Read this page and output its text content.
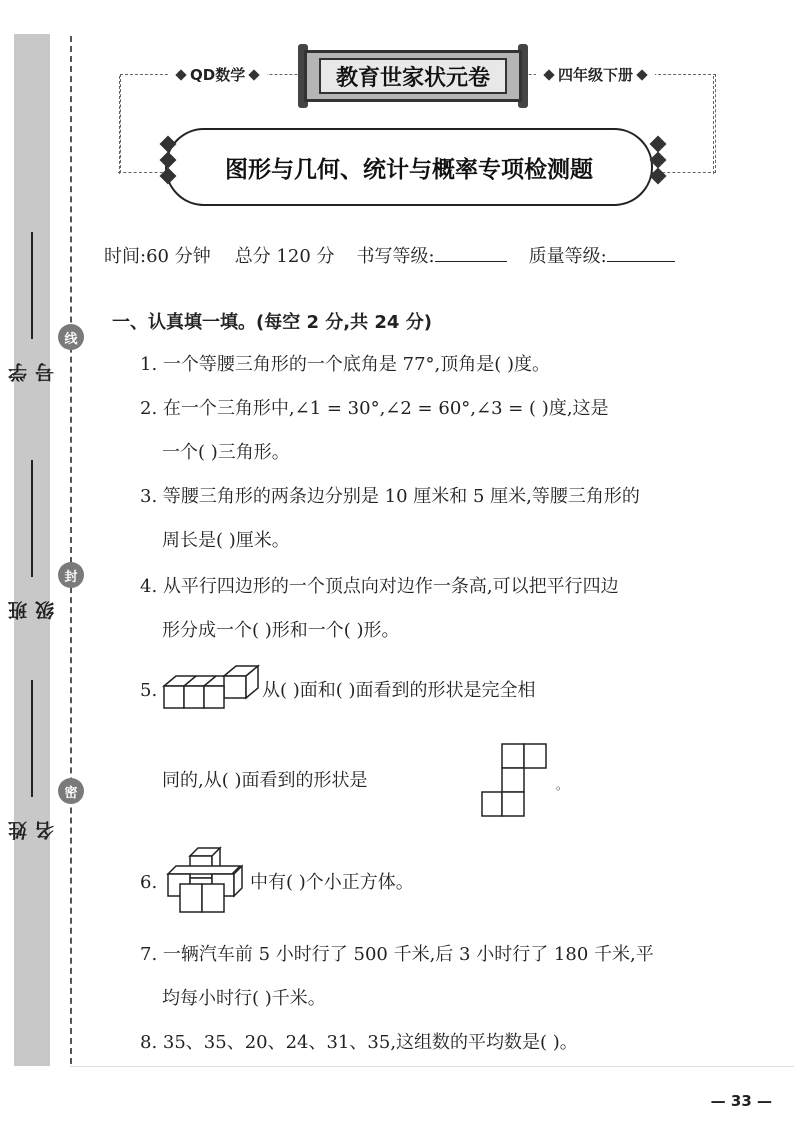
学号
班级
姓名
线
封
密
QD数学	四年级下册
教育世家状元卷
图形与几何、统计与概率专项检测题
时间:60 分钟 总分 120 分 书写等级:	质量等级:
一、认真填一填。(每空 2 分,共 24 分)
1. 一个等腰三角形的一个底角是 77°,顶角是( )度。
2. 在一个三角形中,∠1 = 30°,∠2 = 60°,∠3 = ( )度,这是
一个( )三角形。
3. 等腰三角形的两条边分别是 10 厘米和 5 厘米,等腰三角形的
周长是( )厘米。
4. 从平行四边形的一个顶点向对边作一条高,可以把平行四边
形分成一个( )形和一个( )形。
5.	从( )面和( )面看到的形状是完全相
同的,从( )面看到的形状是	。
6.	中有( )个小正方体。
7. 一辆汽车前 5 小时行了 500 千米,后 3 小时行了 180 千米,平
均每小时行( )千米。
8. 35、35、20、24、31、35,这组数的平均数是( )。
— 33 —
